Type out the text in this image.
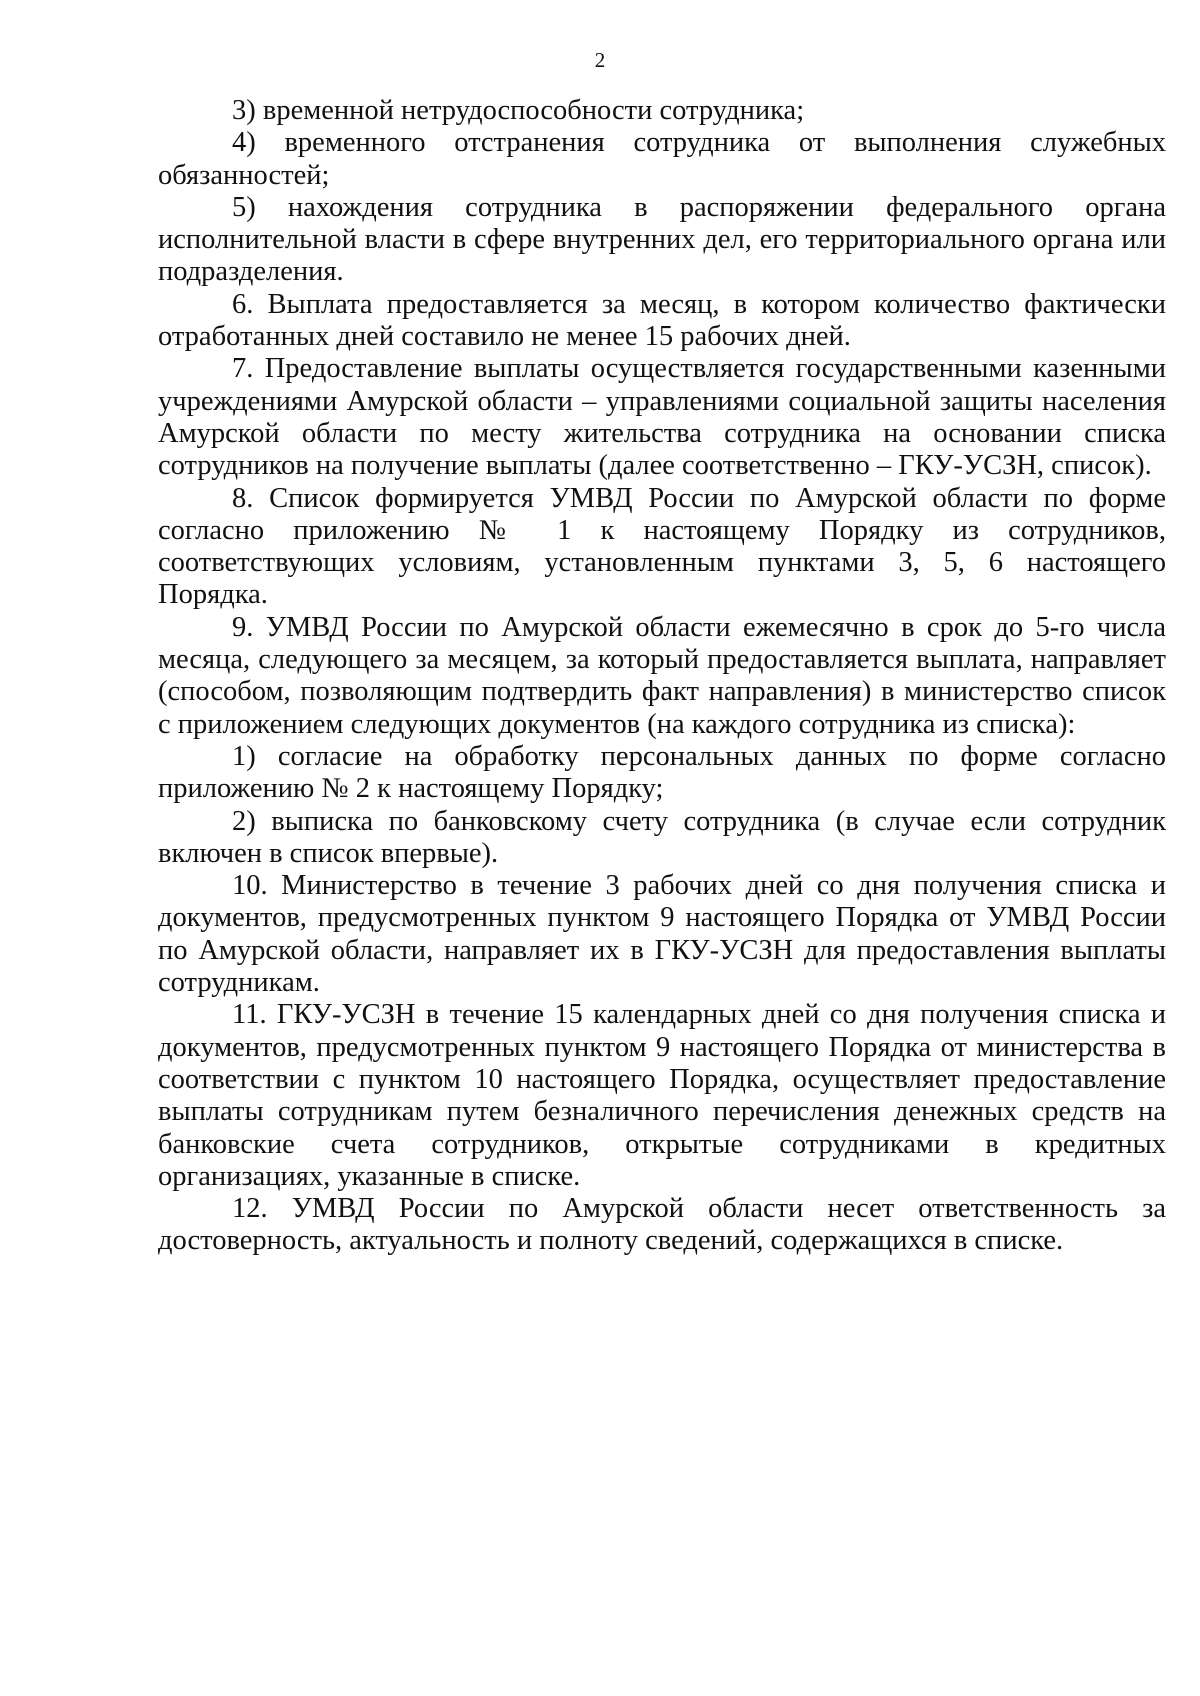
2

3) временной нетрудоспособности сотрудника;

4) временного отстранения сотрудника от выполнения служебных обязанностей;

5) нахождения сотрудника в распоряжении федерального органа исполнительной власти в сфере внутренних дел, его территориального органа или подразделения.

6. Выплата предоставляется за месяц, в котором количество фактически отработанных дней составило не менее 15 рабочих дней.

7. Предоставление выплаты осуществляется государственными казенными учреждениями Амурской области – управлениями социальной защиты населения Амурской области по месту жительства сотрудника на основании списка сотрудников на получение выплаты (далее соответственно – ГКУ-УСЗН, список).

8. Список формируется УМВД России по Амурской области по форме согласно приложению № 1 к настоящему Порядку из сотрудников, соответствующих условиям, установленным пунктами 3, 5, 6 настоящего Порядка.

9. УМВД России по Амурской области ежемесячно в срок до 5-го числа месяца, следующего за месяцем, за который предоставляется выплата, направляет (способом, позволяющим подтвердить факт направления) в министерство список с приложением следующих документов (на каждого сотрудника из списка):

1) согласие на обработку персональных данных по форме согласно приложению № 2 к настоящему Порядку;

2) выписка по банковскому счету сотрудника (в случае если сотрудник включен в список впервые).

10. Министерство в течение 3 рабочих дней со дня получения списка и документов, предусмотренных пунктом 9 настоящего Порядка от УМВД России по Амурской области, направляет их в ГКУ-УСЗН для предоставления выплаты сотрудникам.

11. ГКУ-УСЗН в течение 15 календарных дней со дня получения списка и документов, предусмотренных пунктом 9 настоящего Порядка от министерства в соответствии с пунктом 10 настоящего Порядка, осуществляет предоставление выплаты сотрудникам путем безналичного перечисления денежных средств на банковские счета сотрудников, открытые сотрудниками в кредитных организациях, указанные в списке.

12. УМВД России по Амурской области несет ответственность за достоверность, актуальность и полноту сведений, содержащихся в списке.
